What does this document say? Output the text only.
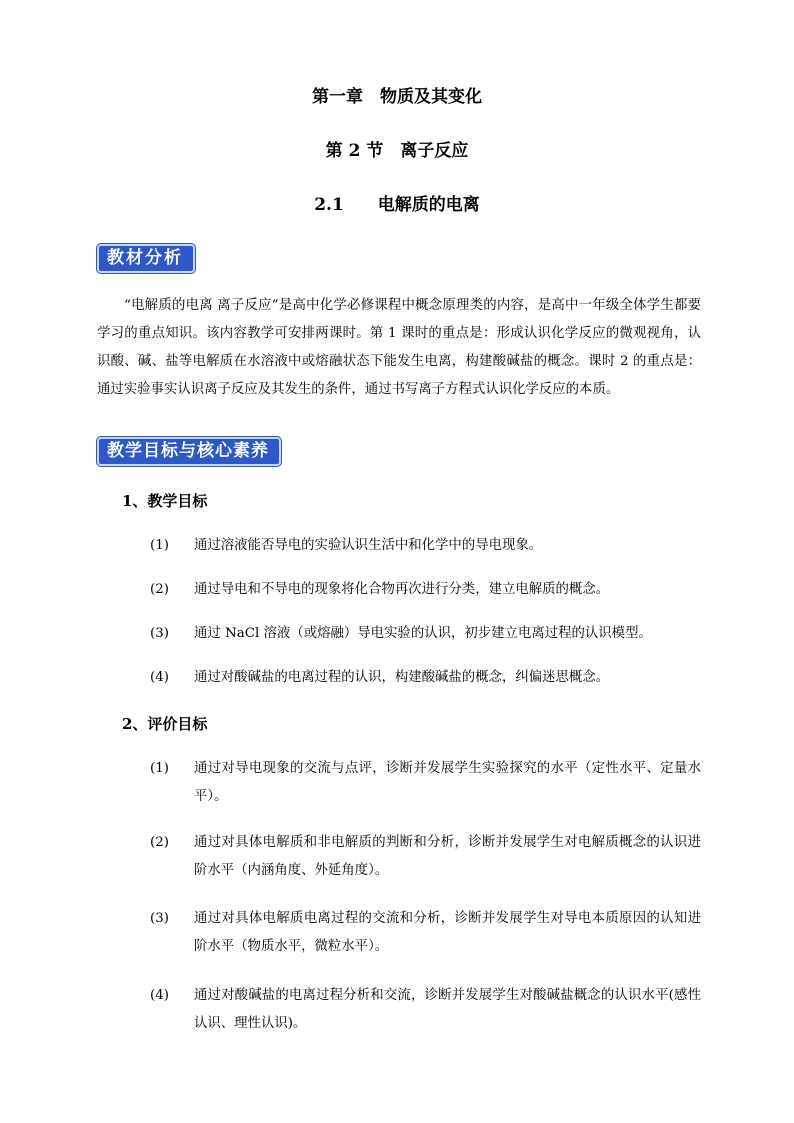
第一章　物质及其变化
第 2 节　离子反应
2.1　　电解质的电离
教材分析
“电解质的电离 离子反应”是高中化学必修课程中概念原理类的内容，是高中一年级全体学生都要学习的重点知识。该内容教学可安排两课时。第 1 课时的重点是：形成认识化学反应的微观视角，认识酸、碱、盐等电解质在水溶液中或熔融状态下能发生电离，构建酸碱盐的概念。课时 2 的重点是：通过实验事实认识离子反应及其发生的条件，通过书写离子方程式认识化学反应的本质。
教学目标与核心素养
1、教学目标
(1)	通过溶液能否导电的实验认识生活中和化学中的导电现象。
(2)	通过导电和不导电的现象将化合物再次进行分类，建立电解质的概念。
(3)	通过 NaCl 溶液（或熔融）导电实验的认识，初步建立电离过程的认识模型。
(4)	通过对酸碱盐的电离过程的认识，构建酸碱盐的概念，纠偏迷思概念。
2、评价目标
(1)	通过对导电现象的交流与点评，诊断并发展学生实验探究的水平（定性水平、定量水平）。
(2)	通过对具体电解质和非电解质的判断和分析，诊断并发展学生对电解质概念的认识进阶水平（内涵角度、外延角度）。
(3)	通过对具体电解质电离过程的交流和分析，诊断并发展学生对导电本质原因的认知进阶水平（物质水平，微粒水平）。
(4)	通过对酸碱盐的电离过程分析和交流，诊断并发展学生对酸碱盐概念的认识水平(感性认识、理性认识)。
